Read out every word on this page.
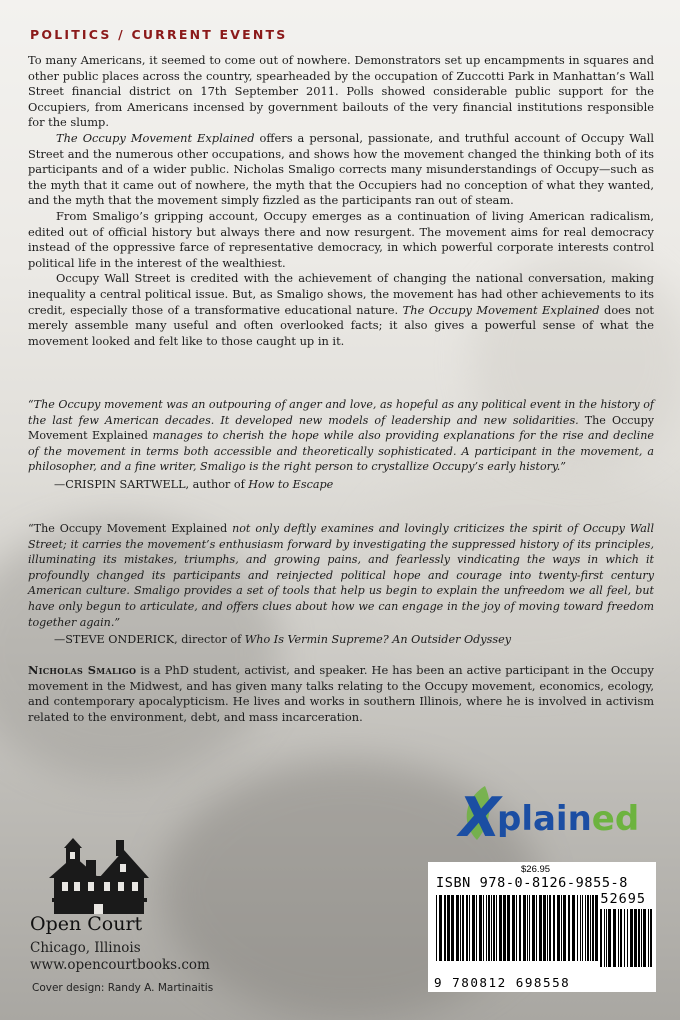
POLITICS / CURRENT EVENTS

To many Americans, it seemed to come out of nowhere. Demonstrators set up encampments in squares and other public places across the country, spearheaded by the occupation of Zuccotti Park in Manhattan’s Wall Street financial district on 17th September 2011. Polls showed considerable public support for the Occupiers, from Americans incensed by government bailouts of the very financial institutions responsible for the slump.

The Occupy Movement Explained offers a personal, passionate, and truthful account of Occupy Wall Street and the numerous other occupations, and shows how the movement changed the thinking both of its participants and of a wider public. Nicholas Smaligo corrects many misunderstandings of Occupy—such as the myth that it came out of nowhere, the myth that the Occupiers had no conception of what they wanted, and the myth that the movement simply fizzled as the participants ran out of steam.

From Smaligo’s gripping account, Occupy emerges as a continuation of living American radicalism, edited out of official history but always there and now resurgent. The movement aims for real democracy instead of the oppressive farce of representative democracy, in which powerful corporate interests control political life in the interest of the wealthiest.

Occupy Wall Street is credited with the achievement of changing the national conversation, making inequality a central political issue. But, as Smaligo shows, the movement has had other achievements to its credit, especially those of a transformative educational nature. The Occupy Movement Explained does not merely assemble many useful and often overlooked facts; it also gives a powerful sense of what the movement looked and felt like to those caught up in it.

“The Occupy movement was an outpouring of anger and love, as hopeful as any political event in the history of the last few American decades. It developed new models of leadership and new solidarities. The Occupy Movement Explained manages to cherish the hope while also providing explanations for the rise and decline of the movement in terms both accessible and theoretically sophisticated. A participant in the movement, a philosopher, and a fine writer, Smaligo is the right person to crystallize Occupy’s early history.”

—CRISPIN SARTWELL, author of How to Escape

“The Occupy Movement Explained not only deftly examines and lovingly criticizes the spirit of Occupy Wall Street; it carries the movement’s enthusiasm forward by investigating the suppressed history of its principles, illuminating its mistakes, triumphs, and growing pains, and fearlessly vindicating the ways in which it profoundly changed its participants and reinjected political hope and courage into twenty-first century American culture. Smaligo provides a set of tools that help us begin to explain the unfreedom we all feel, but have only begun to articulate, and offers clues about how we can engage in the joy of moving toward freedom together again.”

—STEVE ONDERICK, director of Who Is Vermin Supreme? An Outsider Odyssey

Nicholas Smaligo is a PhD student, activist, and speaker. He has been an active participant in the Occupy movement in the Midwest, and has given many talks relating to the Occupy movement, economics, ecology, and contemporary apocalypticism. He lives and works in southern Illinois, where he is involved in activism related to the environment, debt, and mass incarceration.
X
plained
Open Court
Chicago, Illinois
www.opencourtbooks.com
Cover design: Randy A. Martinaitis
$26.95
ISBN 978-0-8126-9855-8
52695
9 780812 698558
